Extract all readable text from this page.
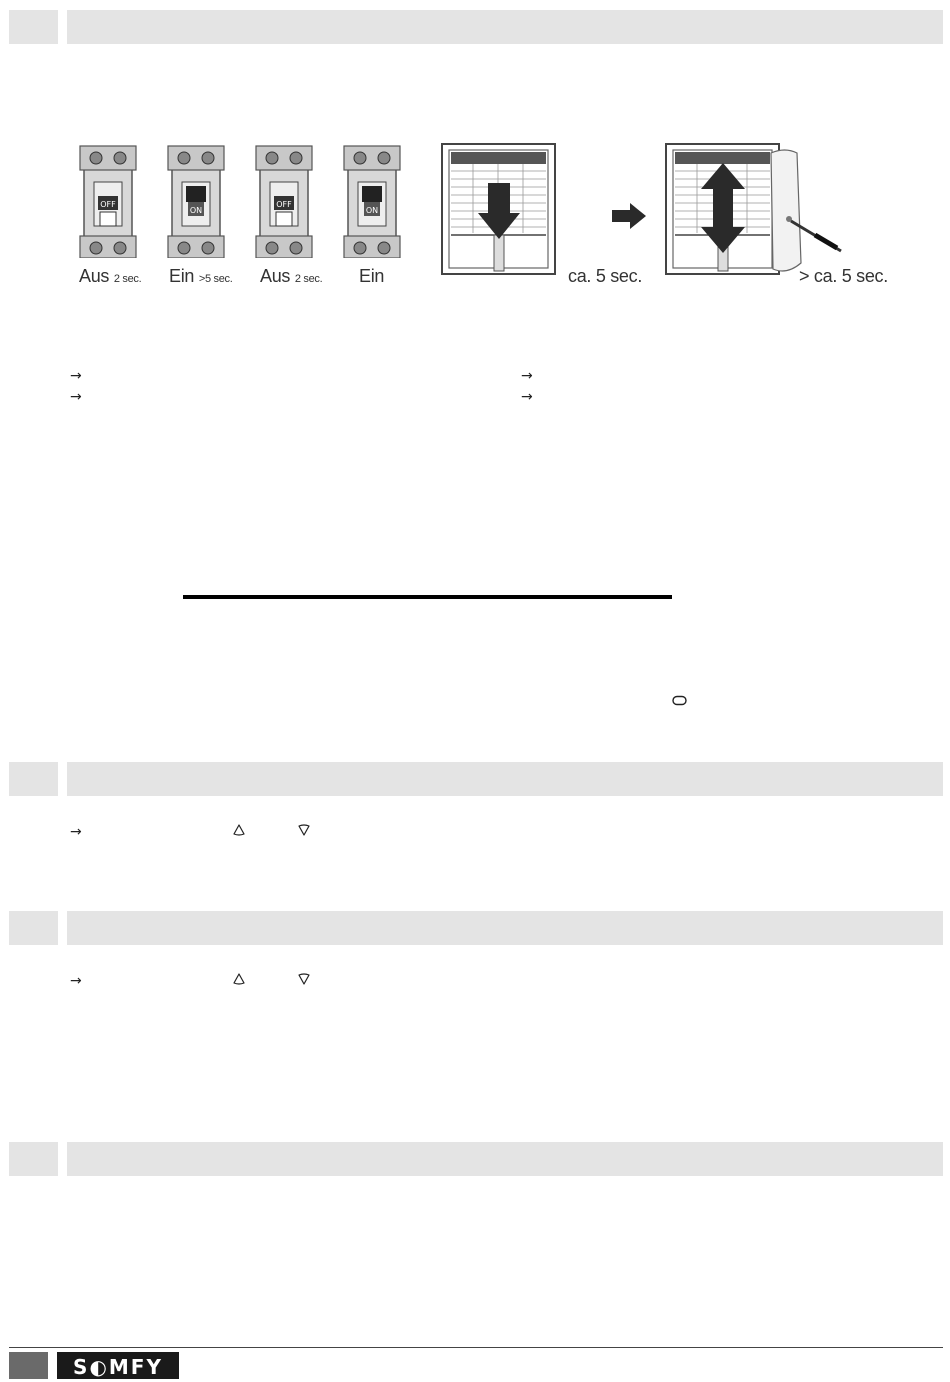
OFF
ON
OFF
ON
Aus 2 sec. Ein >5 sec. Aus 2 sec. Ein	ca. 5 sec.	> ca. 5 sec.
→
→
→
→
→
→
S◐MFY
